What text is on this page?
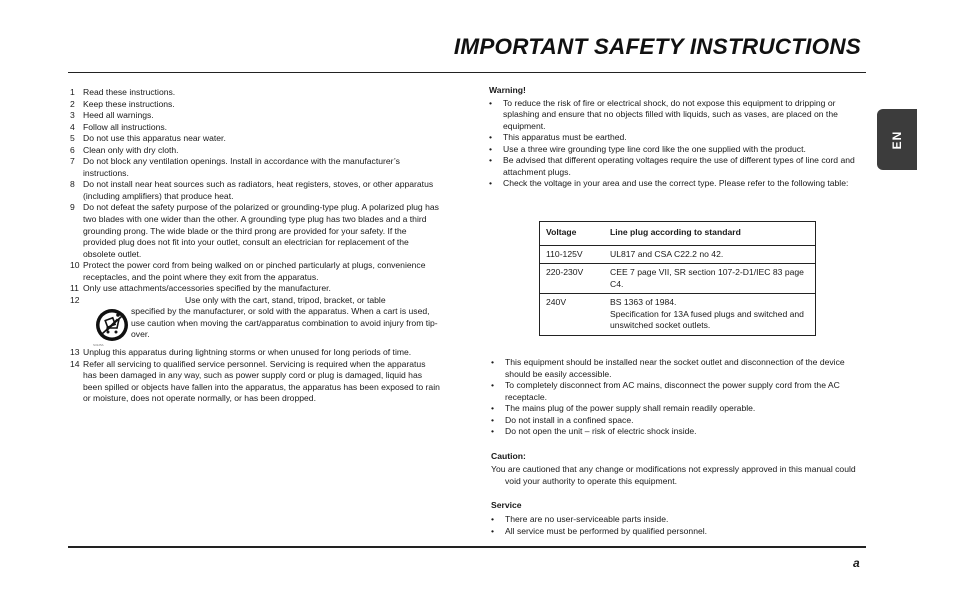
IMPORTANT SAFETY INSTRUCTIONS
EN
1 Read these instructions.
2 Keep these instructions.
3 Heed all warnings.
4 Follow all instructions.
5 Do not use this apparatus near water.
6 Clean only with dry cloth.
7 Do not block any ventilation openings. Install in accordance with the manufacturer’s instructions.
8 Do not install near heat sources such as radiators, heat registers, stoves, or other apparatus (including amplifiers) that produce heat.
9 Do not defeat the safety purpose of the polarized or grounding-type plug. A polarized plug has two blades with one wider than the other. A grounding type plug has two blades and a third grounding prong. The wide blade or the third prong are provided for your safety. If the provided plug does not fit into your outlet, consult an electrician for replacement of the obsolete outlet.
10 Protect the power cord from being walked on or pinched particularly at plugs, convenience receptacles, and the point where they exit from the apparatus.
11 Only use attachments/accessories specified by the manufacturer.
12
S3125A
Use only with the cart, stand, tripod, bracket, or table
specified by the manufacturer, or sold with the apparatus. When a cart is used, use caution when moving the cart/apparatus combination to avoid injury from tip-over.
13 Unplug this apparatus during lightning storms or when unused for long periods of time.
14 Refer all servicing to qualified service personnel. Servicing is required when the apparatus has been damaged in any way, such as power supply cord or plug is damaged, liquid has been spilled or objects have fallen into the apparatus, the apparatus has been exposed to rain or moisture, does not operate normally, or has been dropped.
Warning!
•	To reduce the risk of fire or electrical shock, do not expose this equipment to dripping or splashing and ensure that no objects filled with liquids, such as vases, are placed on the equipment.
•	This apparatus must be earthed.
•	Use a three wire grounding type line cord like the one supplied with the product.
•	Be advised that different operating voltages require the use of different types of line cord and attachment plugs.
•	Check the voltage in your area and use the correct type. Please refer to the following table:
Voltage	Line plug according to standard
110-125V	UL817 and CSA C22.2 no 42.
220-230V	CEE 7 page VII, SR section 107-2-D1/IEC 83 page C4.
240V	BS 1363 of 1984.
Specification for 13A fused plugs and switched and unswitched socket outlets.
•	This equipment should be installed near the socket outlet and disconnection of the device should be easily accessible.
•	To completely disconnect from AC mains, disconnect the power supply cord from the AC receptacle.
•	The mains plug of the power supply shall remain readily operable.
•	Do not install in a confined space.
•	Do not open the unit – risk of electric shock inside.
Caution:
You are cautioned that any change or modifications not expressly approved in this manual could void your authority to operate this equipment.
Service
•	There are no user-serviceable parts inside.
•	All service must be performed by qualified personnel.
a
